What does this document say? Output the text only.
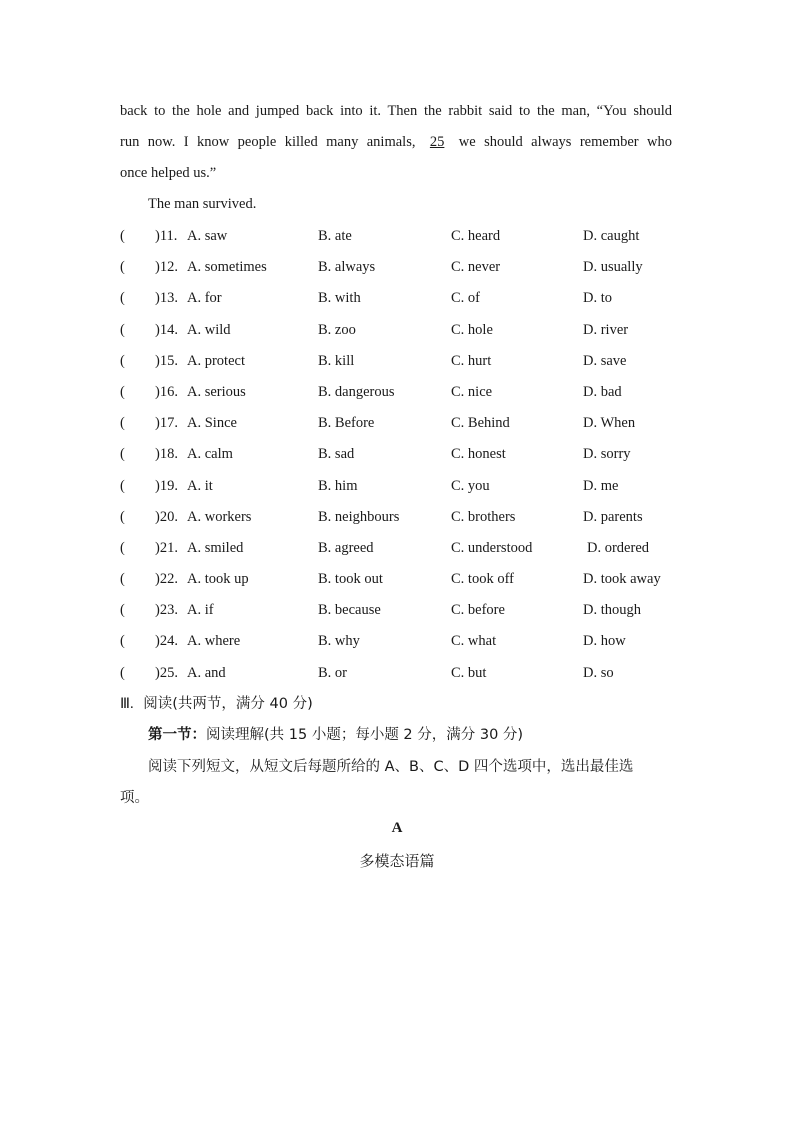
back to the hole and jumped back into it. Then the rabbit said to the man, “You should
run now. I know people killed many animals, 25 we should always remember who
once helped us.”
The man survived.
( )11. A. saw	B. ate	C. heard	D. caught
( )12. A. sometimes	B. always	C. never	D. usually
( )13. A. for	B. with	C. of	D. to
( )14. A. wild	B. zoo	C. hole	D. river
( )15. A. protect	B. kill	C. hurt	D. save
( )16. A. serious	B. dangerous	C. nice	D. bad
( )17. A. Since	B. Before	C. Behind	D. When
( )18. A. calm	B. sad	C. honest	D. sorry
( )19. A. it	B. him	C. you	D. me
( )20. A. workers	B. neighbours	C. brothers	D. parents
( )21. A. smiled	B. agreed	C. understood	D. ordered
( )22. A. took up	B. took out	C. took off	D. took away
( )23. A. if	B. because	C. before	D. though
( )24. A. where	B. why	C. what	D. how
( )25. A. and	B. or	C. but	D. so
Ⅲ. 阅读(共两节，满分 40 分)
第一节：阅读理解(共 15 小题；每小题 2 分，满分 30 分)
阅读下列短文，从短文后每题所给的 A、B、C、D 四个选项中，选出最佳选
项。
A
多模态语篇
